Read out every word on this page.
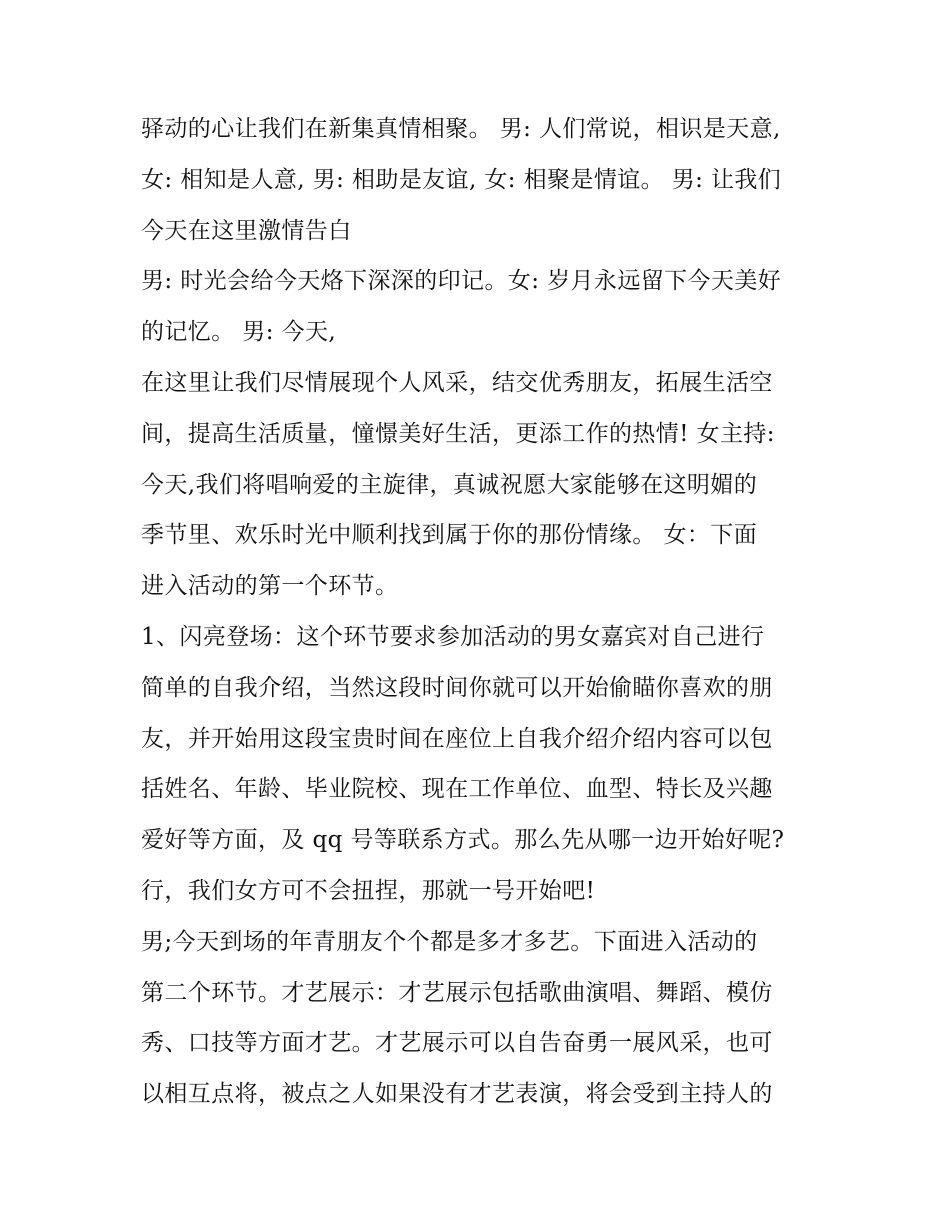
驿动的心让我们在新集真情相聚。 男: 人们常说，相识是天意,
女: 相知是人意, 男: 相助是友谊, 女: 相聚是情谊。 男: 让我们
今天在这里激情告白
男: 时光会给今天烙下深深的印记。女: 岁月永远留下今天美好
的记忆。 男: 今天,
在这里让我们尽情展现个人风采，结交优秀朋友，拓展生活空
间，提高生活质量，憧憬美好生活，更添工作的热情! 女主持:
今天,我们将唱响爱的主旋律，真诚祝愿大家能够在这明媚的
季节里、欢乐时光中顺利找到属于你的那份情缘。 女：下面
进入活动的第一个环节。
1、闪亮登场：这个环节要求参加活动的男女嘉宾对自己进行
简单的自我介绍，当然这段时间你就可以开始偷瞄你喜欢的朋
友，并开始用这段宝贵时间在座位上自我介绍介绍内容可以包
括姓名、年龄、毕业院校、现在工作单位、血型、特长及兴趣
爱好等方面，及 qq 号等联系方式。那么先从哪一边开始好呢?
行，我们女方可不会扭捏，那就一号开始吧!
男;今天到场的年青朋友个个都是多才多艺。下面进入活动的
第二个环节。才艺展示：才艺展示包括歌曲演唱、舞蹈、模仿
秀、口技等方面才艺。才艺展示可以自告奋勇一展风采，也可
以相互点将，被点之人如果没有才艺表演，将会受到主持人的
